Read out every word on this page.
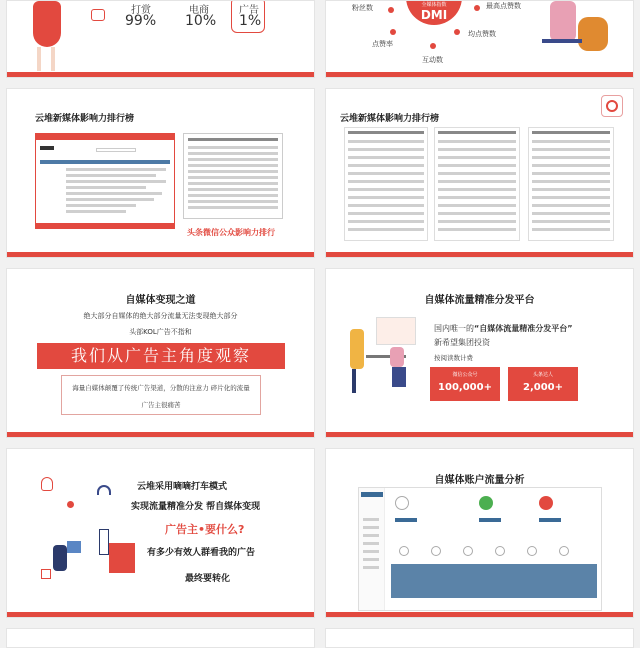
打赏
99%
电商
10%
广告
1%
全媒体指数
DMI
粉丝数	最高点赞数
点赞率
均点赞数
互动数
云堆新媒体影响力排行榜
头条微信公众影响力排行
云堆新媒体影响力排行榜
自媒体变现之道
绝大部分自媒体的绝大部分流量无法变现绝大部分
头部KOL广告不指和
我们从广告主角度观察
海量自媒体颠覆了传统广告渠道，分散的注意力 碎片化的流量
广告主很痛苦
自媒体流量精准分发平台
国内唯一的“自媒体流量精准分发平台”
新希望集团投资
按阅读数计费
微信公众号
100,000+
头条达人
2,000+
云堆采用嘀嘀打车模式
实现流量精准分发 帮自媒体变现
广告主•要什么?
有多少有效人群看我的广告
最终要转化
自媒体账户流量分析
